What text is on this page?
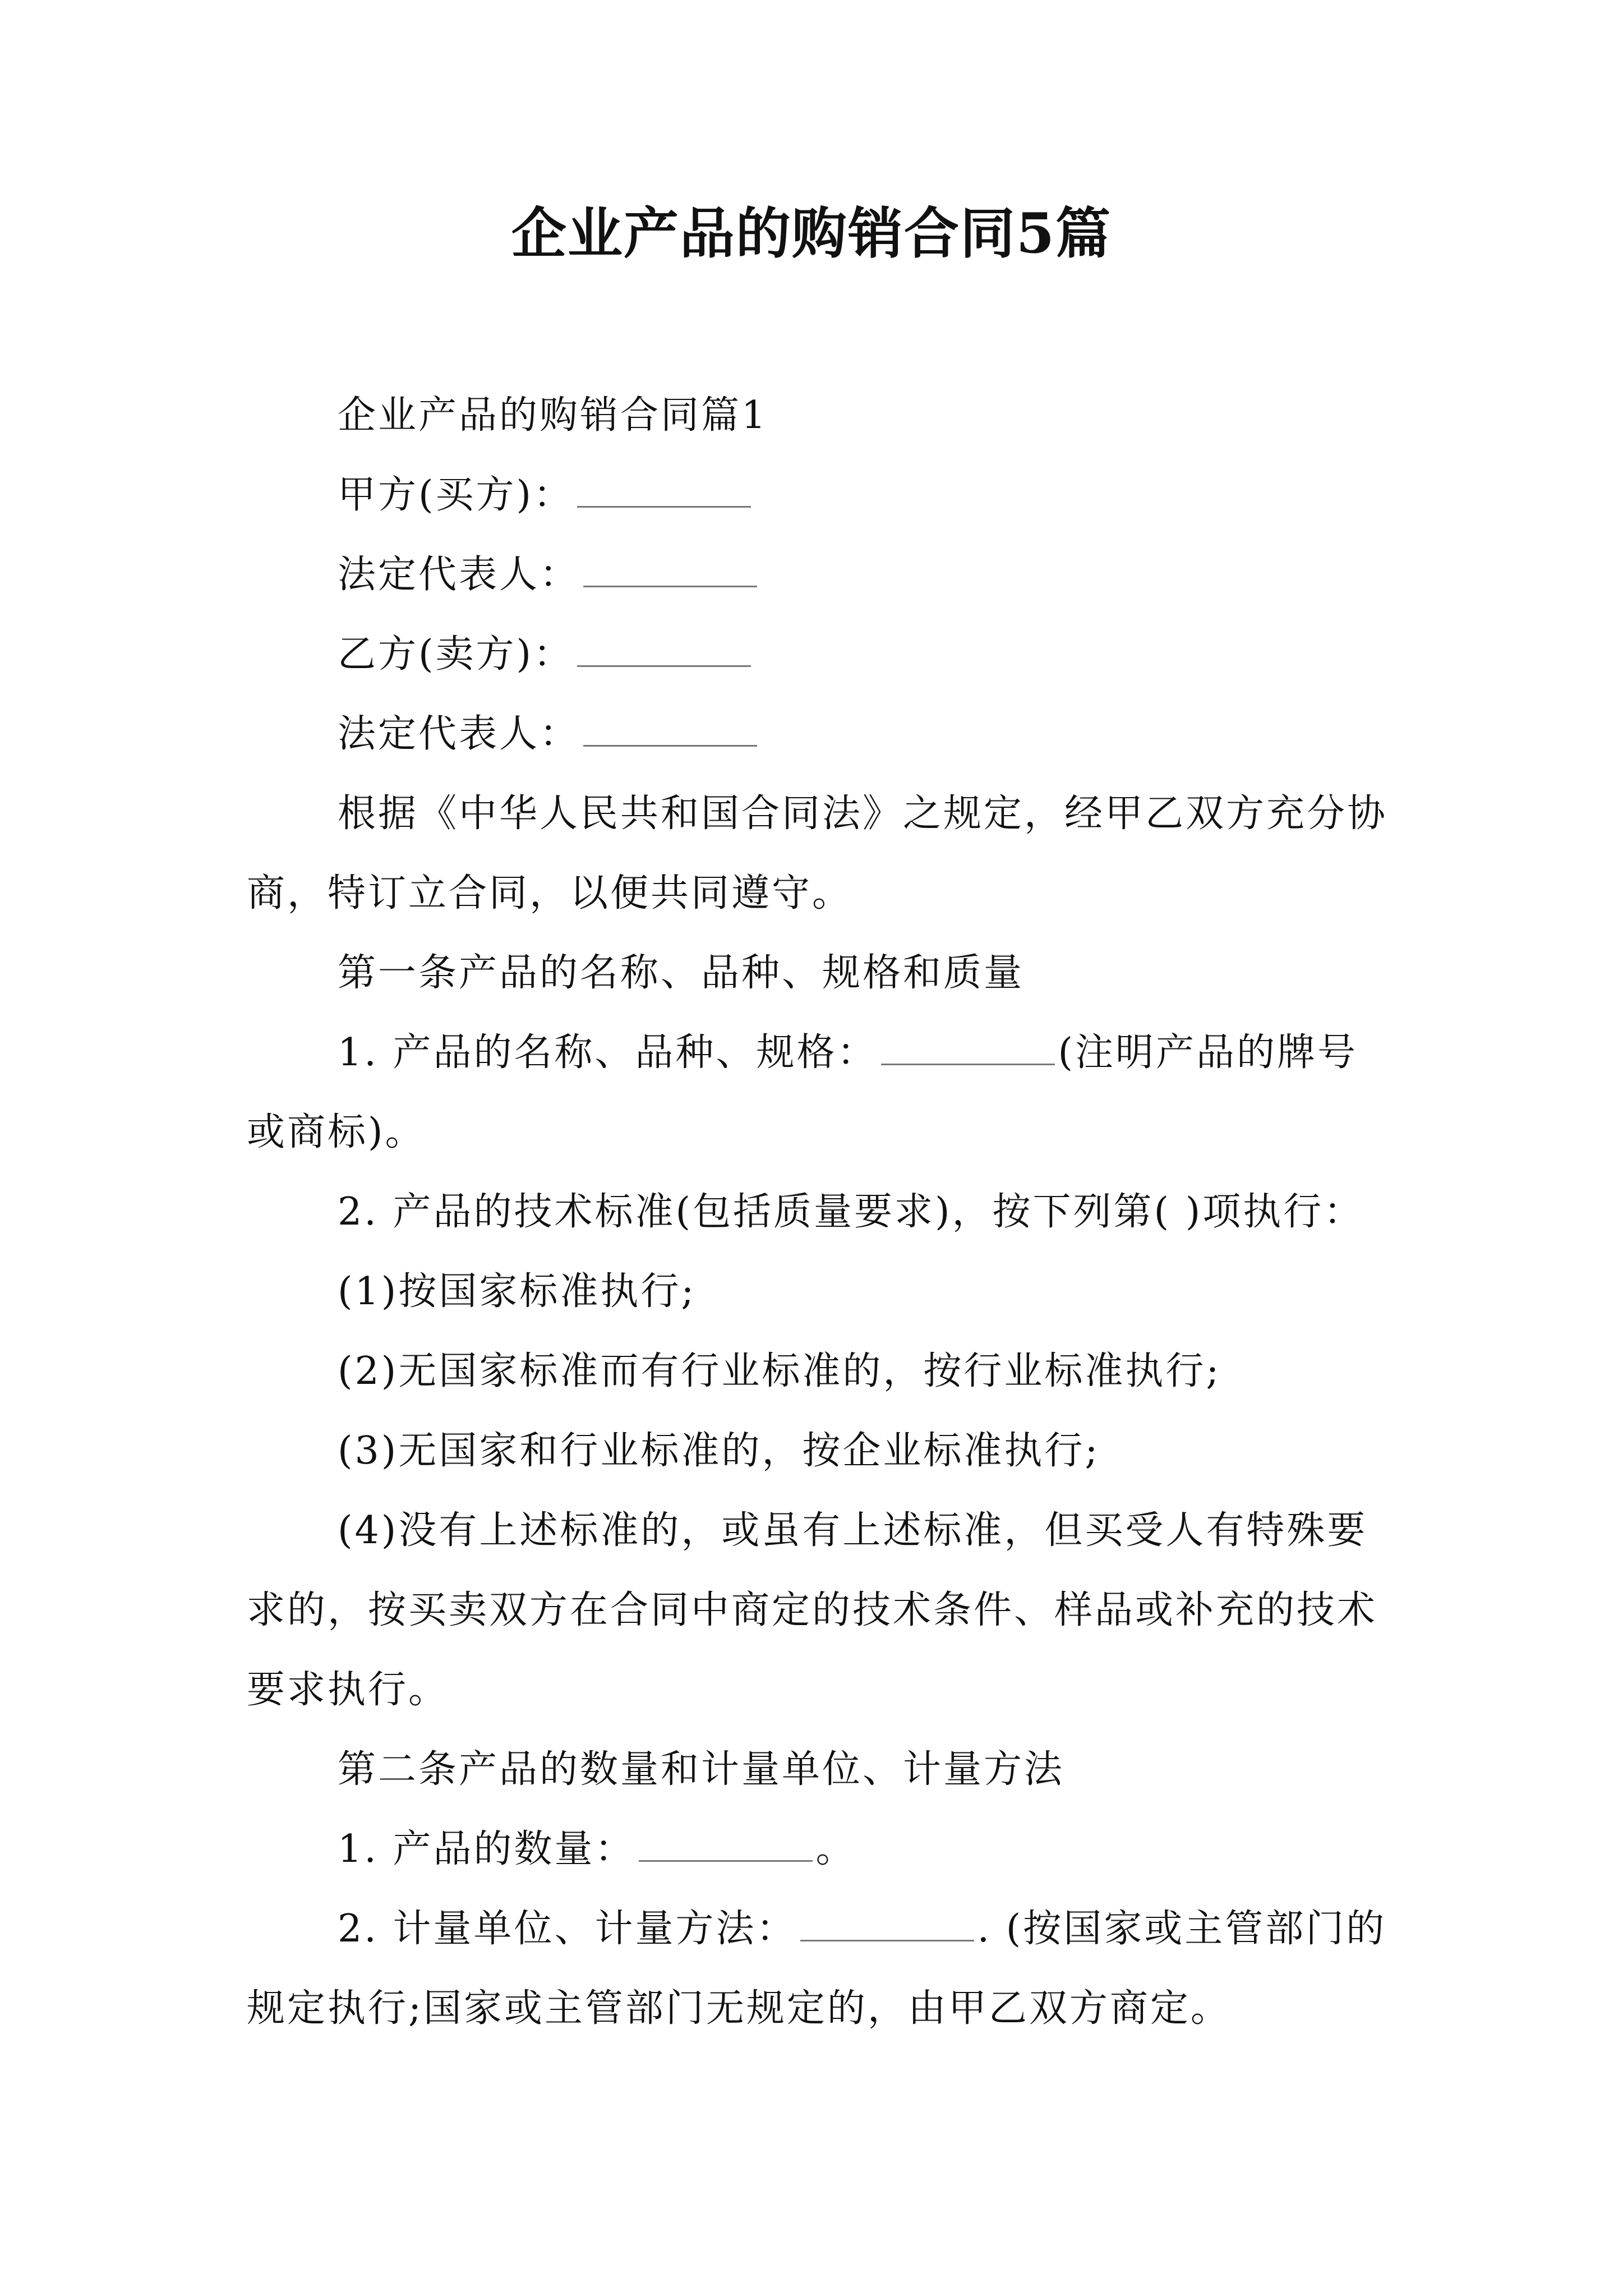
企业产品的购销合同5篇

企业产品的购销合同篇1

甲方(买方)：

法定代表人：

乙方(卖方)：

法定代表人：

根据《中华人民共和国合同法》之规定，经甲乙双方充分协商，特订立合同，以便共同遵守。

第一条产品的名称、品种、规格和质量

1. 产品的名称、品种、规格：	(注明产品的牌号或商标)。

2. 产品的技术标准(包括质量要求)，按下列第( )项执行：

(1)按国家标准执行;

(2)无国家标准而有行业标准的，按行业标准执行;

(3)无国家和行业标准的，按企业标准执行;

(4)没有上述标准的，或虽有上述标准，但买受人有特殊要求的，按买卖双方在合同中商定的技术条件、样品或补充的技术要求执行。

第二条产品的数量和计量单位、计量方法

1. 产品的数量：	。

2. 计量单位、计量方法：	. (按国家或主管部门的规定执行;国家或主管部门无规定的，由甲乙双方商定。
